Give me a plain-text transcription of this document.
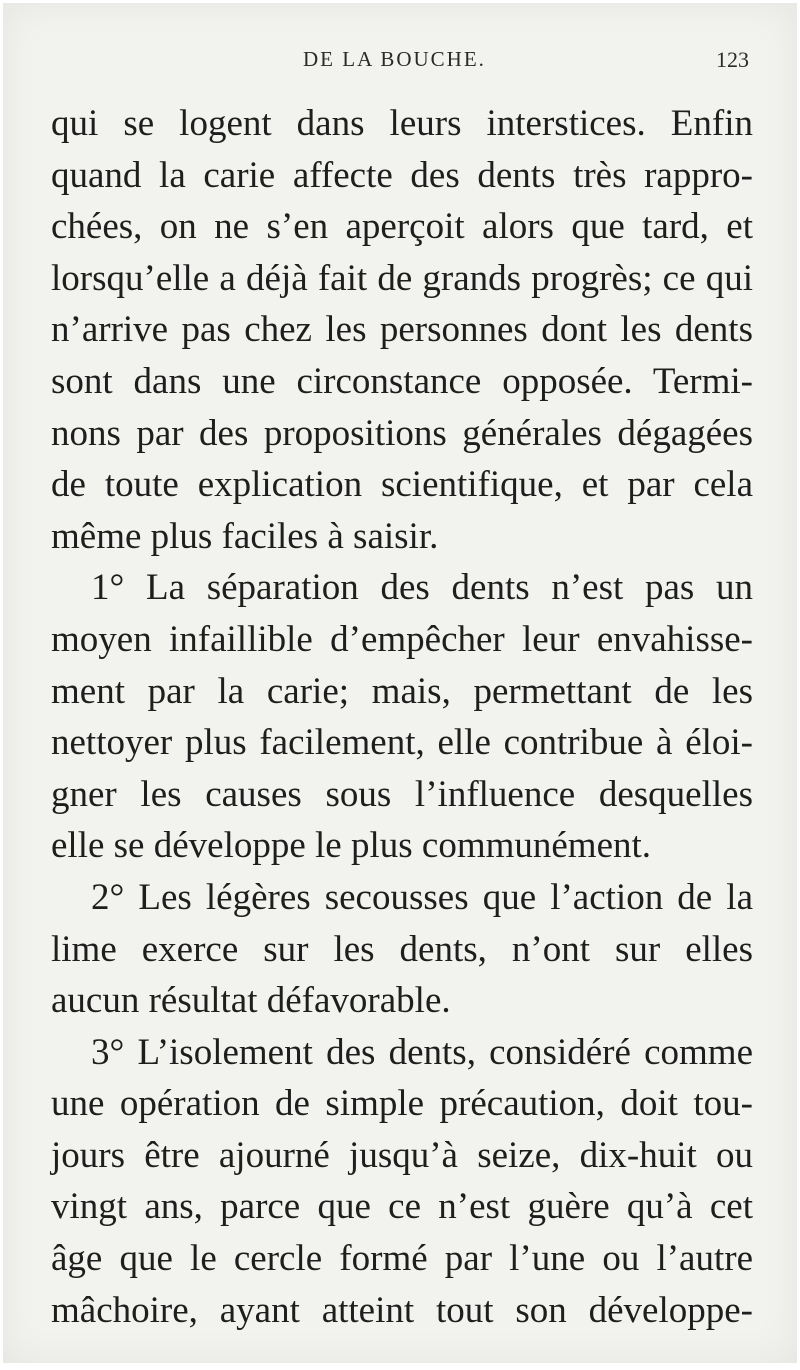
DE LA BOUCHE.	123
qui se logent dans leurs interstices. Enfin
quand la carie affecte des dents très rappro-
chées, on ne s’en aperçoit alors que tard, et
lorsqu’elle a déjà fait de grands progrès; ce qui
n’arrive pas chez les personnes dont les dents
sont dans une circonstance opposée. Termi-
nons par des propositions générales dégagées
de toute explication scientifique, et par cela
même plus faciles à saisir.
1° La séparation des dents n’est pas un
moyen infaillible d’empêcher leur envahisse-
ment par la carie; mais, permettant de les
nettoyer plus facilement, elle contribue à éloi-
gner les causes sous l’influence desquelles
elle se développe le plus communément.
2° Les légères secousses que l’action de la
lime exerce sur les dents, n’ont sur elles
aucun résultat défavorable.
3° L’isolement des dents, considéré comme
une opération de simple précaution, doit tou-
jours être ajourné jusqu’à seize, dix-huit ou
vingt ans, parce que ce n’est guère qu’à cet
âge que le cercle formé par l’une ou l’autre
mâchoire, ayant atteint tout son développe-
